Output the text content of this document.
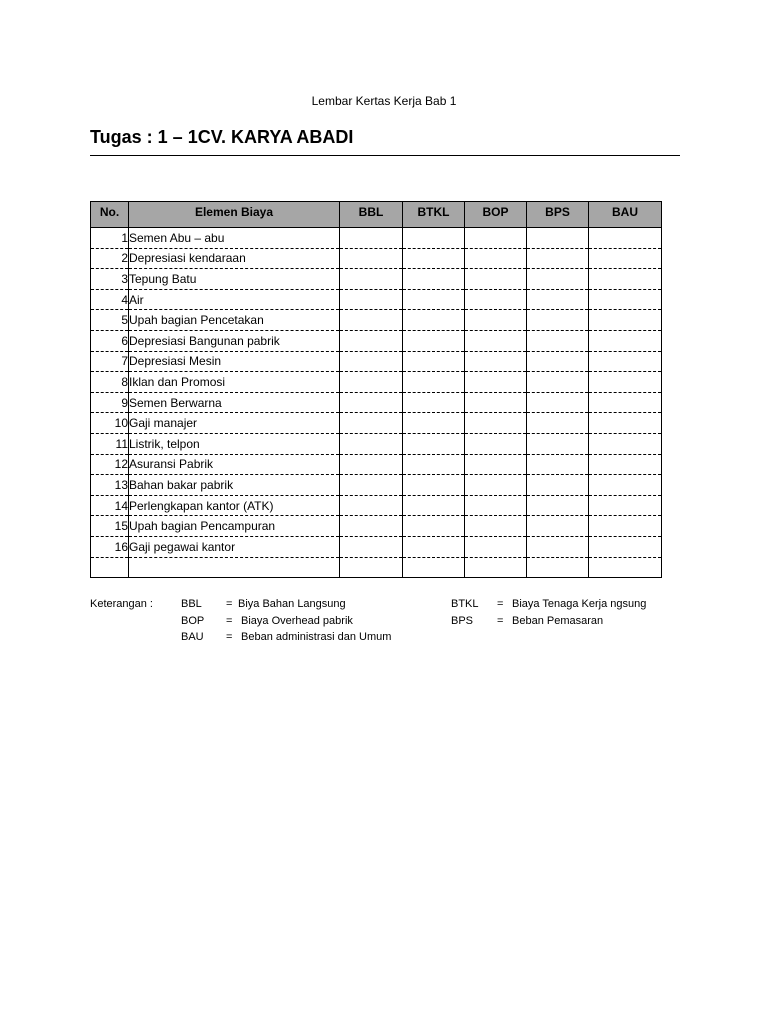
Lembar Kertas Kerja Bab 1
Tugas : 1 – 1CV. KARYA ABADI
No.	Elemen Biaya	BBL	BTKL	BOP	BPS	BAU
1	Semen Abu – abu					
2	Depresiasi kendaraan					
3	Tepung Batu					
4	Air					
5	Upah bagian Pencetakan					
6	Depresiasi Bangunan pabrik					
7	Depresiasi Mesin					
8	Iklan dan Promosi					
9	Semen Berwarna					
10	Gaji manajer					
11	Listrik, telpon					
12	Asuransi Pabrik					
13	Bahan bakar pabrik					
14	Perlengkapan kantor (ATK)					
15	Upah bagian Pencampuran					
16	Gaji pegawai kantor					

Keterangan :	BBL = Biya Bahan Langsung	BTKL = Biaya Tenaga Kerja ngsung
BOP = Biaya Overhead pabrik	BPS = Beban Pemasaran
BAU = Beban administrasi dan Umum
